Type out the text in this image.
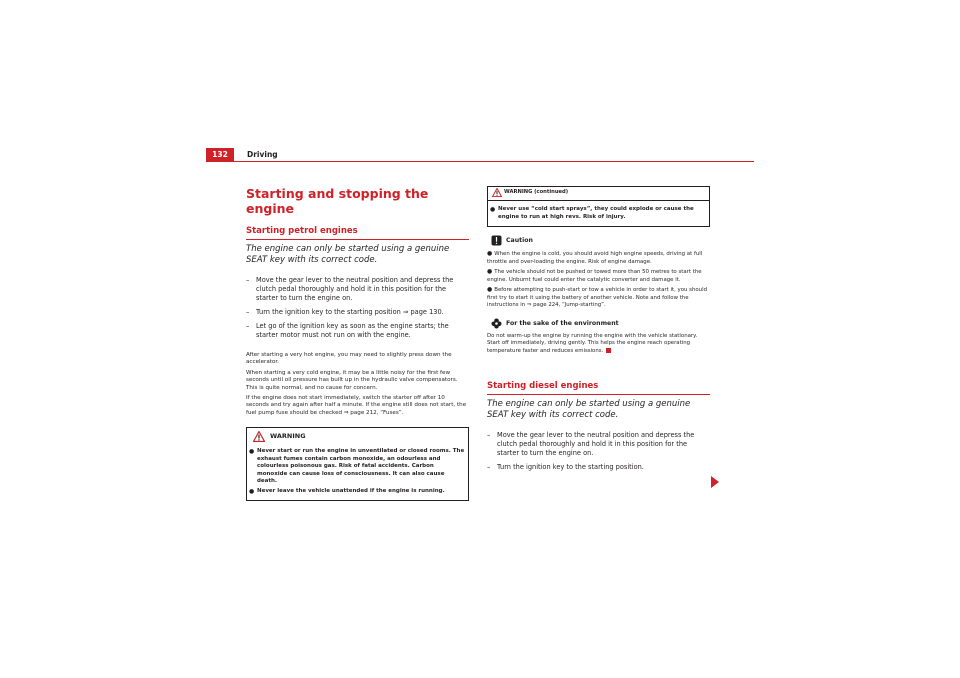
132	Driving
Starting and stopping the engine
Starting petrol engines

The engine can only be started using a genuine SEAT key with its correct code.

– Move the gear lever to the neutral position and depress the clutch pedal thoroughly and hold it in this position for the starter to turn the engine on.
– Turn the ignition key to the starting position ⇒ page 130.
– Let go of the ignition key as soon as the engine starts; the starter motor must not run on with the engine.

After starting a very hot engine, you may need to slightly press down the accelerator.

When starting a very cold engine, it may be a little noisy for the first few seconds until oil pressure has built up in the hydraulic valve compensators. This is quite normal, and no cause for concern.

If the engine does not start immediately, switch the starter off after 10 seconds and try again after half a minute. If the engine still does not start, the fuel pump fuse should be checked ⇒ page 212, “Fuses”.

WARNING
● Never start or run the engine in unventilated or closed rooms. The exhaust fumes contain carbon monoxide, an odourless and colourless poisonous gas. Risk of fatal accidents. Carbon monoxide can cause loss of consciousness. It can also cause death.
● Never leave the vehicle unattended if the engine is running.
WARNING (continued)
● Never use “cold start sprays”, they could explode or cause the engine to run at high revs. Risk of injury.
Caution
● When the engine is cold, you should avoid high engine speeds, driving at full throttle and over-loading the engine. Risk of engine damage.
● The vehicle should not be pushed or towed more than 50 metres to start the engine. Unburnt fuel could enter the catalytic converter and damage it.
● Before attempting to push-start or tow a vehicle in order to start it, you should first try to start it using the battery of another vehicle. Note and follow the instructions in ⇒ page 224, “Jump-starting”.
For the sake of the environment
Do not warm-up the engine by running the engine with the vehicle stationary. Start off immediately, driving gently. This helps the engine reach operating temperature faster and reduces emissions.
Starting diesel engines

The engine can only be started using a genuine SEAT key with its correct code.

– Move the gear lever to the neutral position and depress the clutch pedal thoroughly and hold it in this position for the starter to turn the engine on.
– Turn the ignition key to the starting position.
